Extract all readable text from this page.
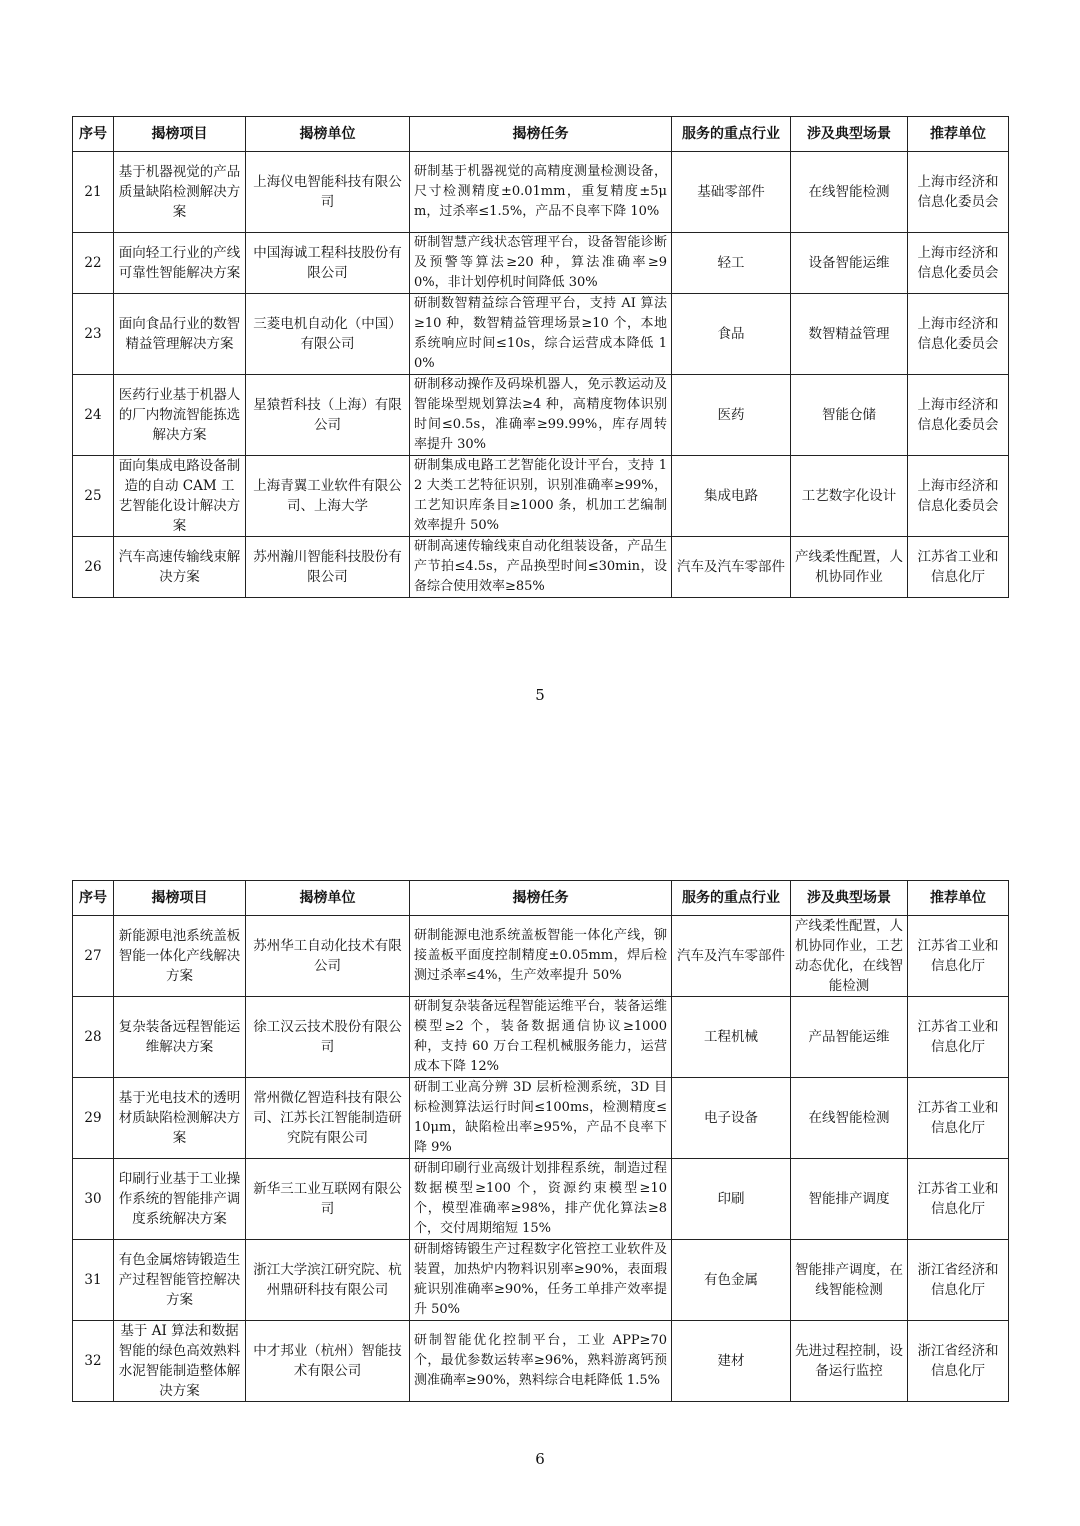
序号	揭榜项目	揭榜单位	揭榜任务	服务的重点行业	涉及典型场景	推荐单位
21	基于机器视觉的产品质量缺陷检测解决方案	上海仪电智能科技有限公司	研制基于机器视觉的高精度测量检测设备，尺寸检测精度±0.01mm，重复精度±5μm，过杀率≤1.5%，产品不良率下降 10%	基础零部件	在线智能检测	上海市经济和信息化委员会
22	面向轻工行业的产线可靠性智能解决方案	中国海诚工程科技股份有限公司	研制智慧产线状态管理平台，设备智能诊断及预警等算法≥20 种，算法准确率≥90%，非计划停机时间降低 30%	轻工	设备智能运维	上海市经济和信息化委员会
23	面向食品行业的数智精益管理解决方案	三菱电机自动化（中国）有限公司	研制数智精益综合管理平台，支持 AI 算法≥10 种，数智精益管理场景≥10 个，本地系统响应时间≤10s，综合运营成本降低 10%	食品	数智精益管理	上海市经济和信息化委员会
24	医药行业基于机器人的厂内物流智能拣选解决方案	星猿哲科技（上海）有限公司	研制移动操作及码垛机器人，免示教运动及智能垛型规划算法≥4 种，高精度物体识别时间≤0.5s，准确率≥99.99%，库存周转率提升 30%	医药	智能仓储	上海市经济和信息化委员会
25	面向集成电路设备制造的自动 CAM 工艺智能化设计解决方案	上海青翼工业软件有限公司、上海大学	研制集成电路工艺智能化设计平台，支持 12 大类工艺特征识别，识别准确率≥99%，工艺知识库条目≥1000 条，机加工艺编制效率提升 50%	集成电路	工艺数字化设计	上海市经济和信息化委员会
26	汽车高速传输线束解决方案	苏州瀚川智能科技股份有限公司	研制高速传输线束自动化组装设备，产品生产节拍≤4.5s，产品换型时间≤30min，设备综合使用效率≥85%	汽车及汽车零部件	产线柔性配置，人机协同作业	江苏省工业和信息化厅
5
序号	揭榜项目	揭榜单位	揭榜任务	服务的重点行业	涉及典型场景	推荐单位
27	新能源电池系统盖板智能一体化产线解决方案	苏州华工自动化技术有限公司	研制能源电池系统盖板智能一体化产线，铆接盖板平面度控制精度±0.05mm，焊后检测过杀率≤4%，生产效率提升 50%	汽车及汽车零部件	产线柔性配置，人机协同作业，工艺动态优化，在线智能检测	江苏省工业和信息化厅
28	复杂装备远程智能运维解决方案	徐工汉云技术股份有限公司	研制复杂装备远程智能运维平台，装备运维模型≥2 个，装备数据通信协议≥1000 种，支持 60 万台工程机械服务能力，运营成本下降 12%	工程机械	产品智能运维	江苏省工业和信息化厅
29	基于光电技术的透明材质缺陷检测解决方案	常州微亿智造科技有限公司、江苏长江智能制造研究院有限公司	研制工业高分辨 3D 层析检测系统，3D 目标检测算法运行时间≤100ms，检测精度≤10μm，缺陷检出率≥95%，产品不良率下降 9%	电子设备	在线智能检测	江苏省工业和信息化厅
30	印刷行业基于工业操作系统的智能排产调度系统解决方案	新华三工业互联网有限公司	研制印刷行业高级计划排程系统，制造过程数据模型≥100 个，资源约束模型≥10 个，模型准确率≥98%，排产优化算法≥8 个，交付周期缩短 15%	印刷	智能排产调度	江苏省工业和信息化厅
31	有色金属熔铸锻造生产过程智能管控解决方案	浙江大学滨江研究院、杭州鼎研科技有限公司	研制熔铸锻生产过程数字化管控工业软件及装置，加热炉内物料识别率≥90%，表面瑕疵识别准确率≥90%，任务工单排产效率提升 50%	有色金属	智能排产调度，在线智能检测	浙江省经济和信息化厅
32	基于 AI 算法和数据智能的绿色高效熟料水泥智能制造整体解决方案	中才邦业（杭州）智能技术有限公司	研制智能优化控制平台，工业 APP≥70 个，最优参数运转率≥96%，熟料游离钙预测准确率≥90%，熟料综合电耗降低 1.5%	建材	先进过程控制，设备运行监控	浙江省经济和信息化厅
6
